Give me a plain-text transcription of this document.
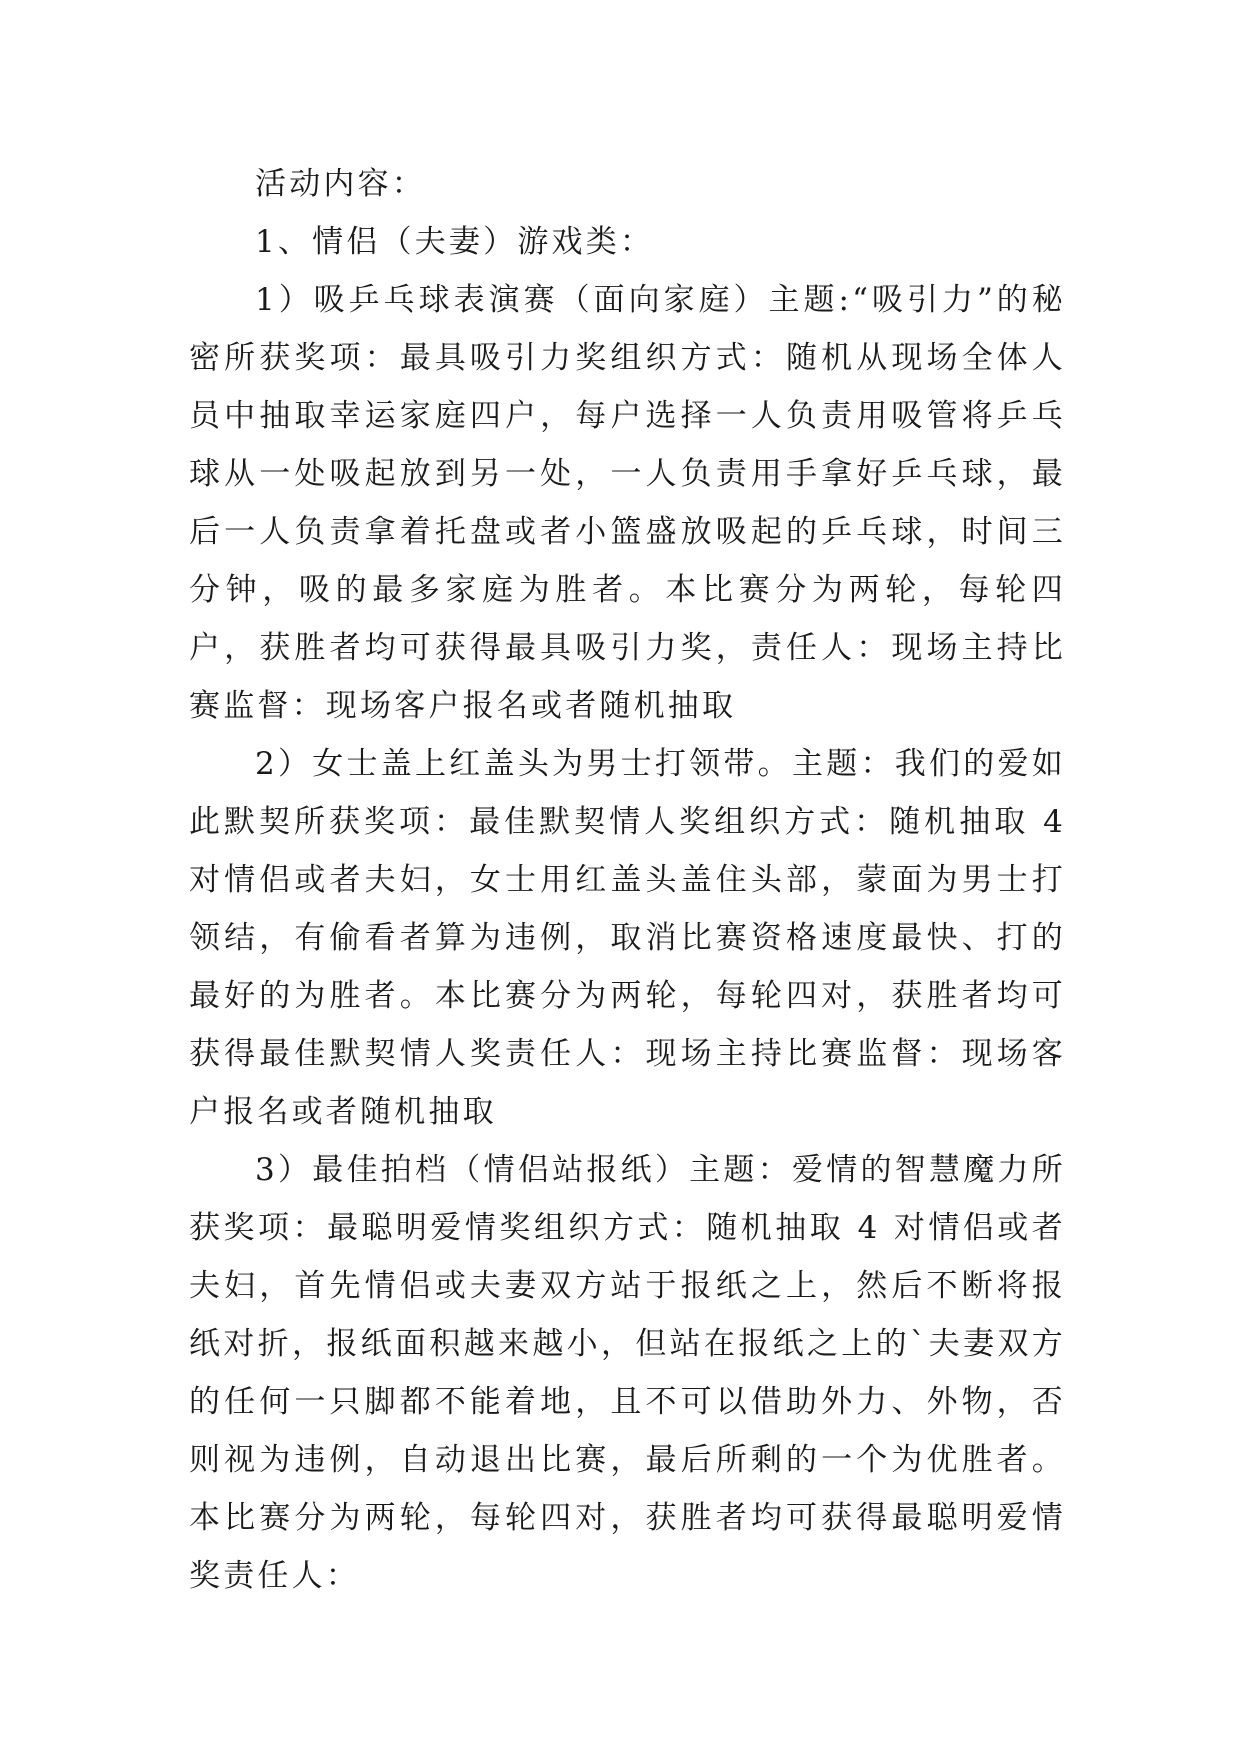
活动内容：

1、情侣（夫妻）游戏类：

1）吸乒乓球表演赛（面向家庭）主题:“吸引力”的秘密所获奖项：最具吸引力奖组织方式：随机从现场全体人员中抽取幸运家庭四户，每户选择一人负责用吸管将乒乓球从一处吸起放到另一处，一人负责用手拿好乒乓球，最后一人负责拿着托盘或者小篮盛放吸起的乒乓球，时间三分钟，吸的最多家庭为胜者。本比赛分为两轮，每轮四户，获胜者均可获得最具吸引力奖，责任人：现场主持比赛监督：现场客户报名或者随机抽取

2）女士盖上红盖头为男士打领带。主题：我们的爱如此默契所获奖项：最佳默契情人奖组织方式：随机抽取 4 对情侣或者夫妇，女士用红盖头盖住头部，蒙面为男士打领结，有偷看者算为违例，取消比赛资格速度最快、打的最好的为胜者。本比赛分为两轮，每轮四对，获胜者均可获得最佳默契情人奖责任人：现场主持比赛监督：现场客户报名或者随机抽取

3）最佳拍档（情侣站报纸）主题：爱情的智慧魔力所获奖项：最聪明爱情奖组织方式：随机抽取 4 对情侣或者夫妇，首先情侣或夫妻双方站于报纸之上，然后不断将报纸对折，报纸面积越来越小，但站在报纸之上的`夫妻双方的任何一只脚都不能着地，且不可以借助外力、外物，否则视为违例，自动退出比赛，最后所剩的一个为优胜者。本比赛分为两轮，每轮四对，获胜者均可获得最聪明爱情奖责任人：
